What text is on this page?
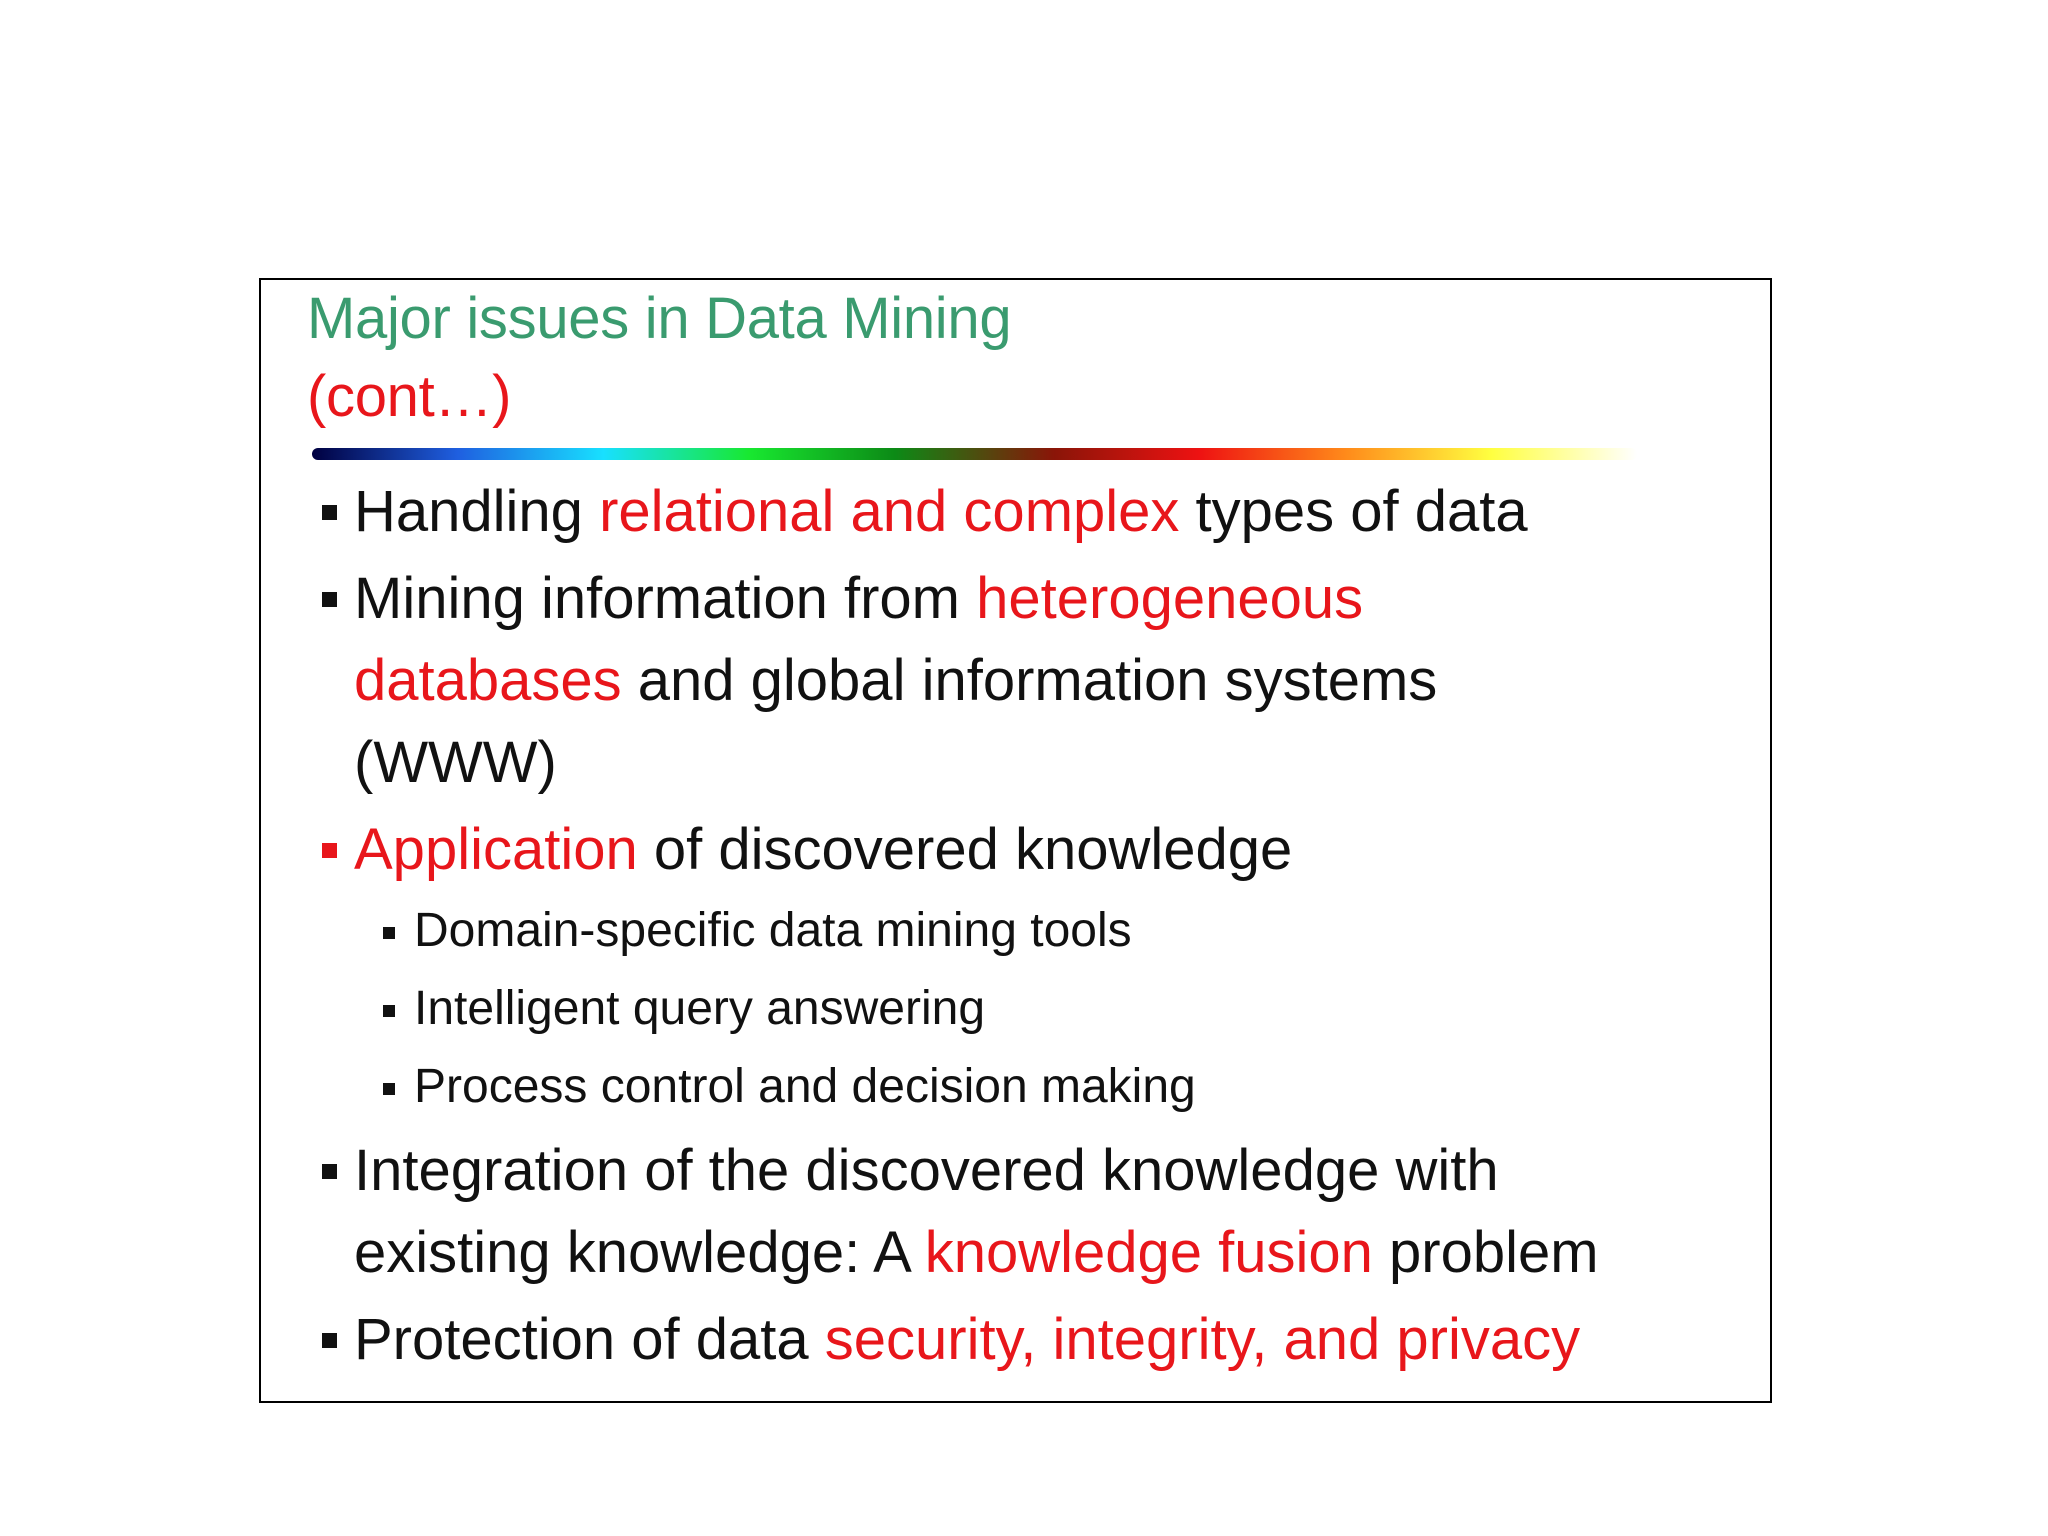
Major issues in Data Mining
(cont…)
Handling relational and complex types of data
Mining information from heterogeneous
databases and global information systems
(WWW)
Application of discovered knowledge
Domain-specific data mining tools
Intelligent query answering
Process control and decision making
Integration of the discovered knowledge with
existing knowledge: A knowledge fusion problem
Protection of data security, integrity, and privacy
